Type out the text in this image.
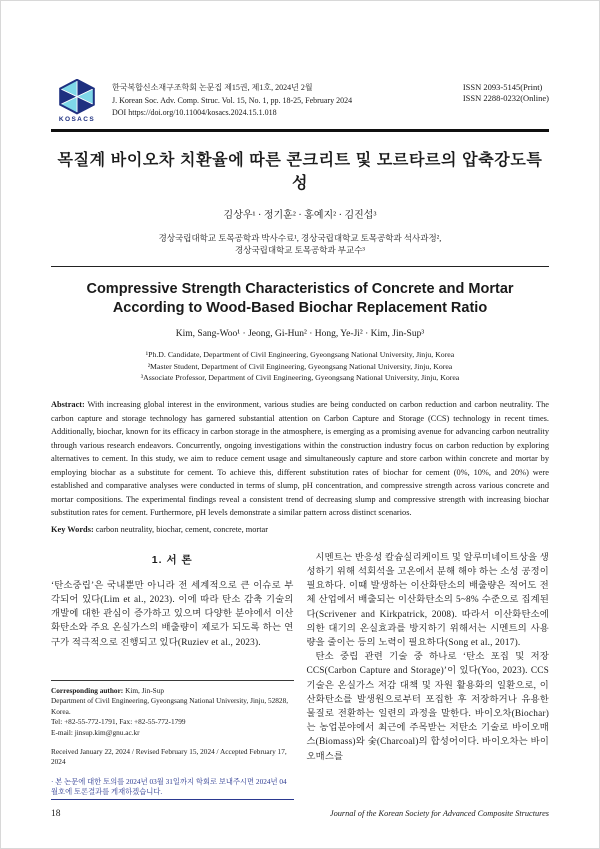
KOSACS
한국복합신소재구조학회 논문집 제15권, 제1호, 2024년 2월
J. Korean Soc. Adv. Comp. Struc. Vol. 15, No. 1, pp. 18-25, February 2024
DOI https://doi.org/10.11004/kosacs.2024.15.1.018
ISSN 2093-5145(Print)
ISSN 2288-0232(Online)
목질계 바이오차 치환율에 따른 콘크리트 및 모르타르의 압축강도특성
김상우¹ · 정기훈² · 홍예지² · 김진섭³
경상국립대학교 토목공학과 박사수료¹, 경상국립대학교 토목공학과 석사과정²,
경상국립대학교 토목공학과 부교수³
Compressive Strength Characteristics of Concrete and Mortar
According to Wood-Based Biochar Replacement Ratio
Kim, Sang-Woo¹ · Jeong, Gi-Hun² · Hong, Ye-Ji² · Kim, Jin-Sup³
¹Ph.D. Candidate, Department of Civil Engineering, Gyeongsang National University, Jinju, Korea
²Master Student, Department of Civil Engineering, Gyeongsang National University, Jinju, Korea
³Associate Professor, Department of Civil Engineering, Gyeongsang National University, Jinju, Korea

Abstract: With increasing global interest in the environment, various studies are being conducted on carbon reduction and carbon neutrality. The carbon capture and storage technology has garnered substantial attention on Carbon Capture and Storage (CCS) technology in recent times. Additionally, biochar, known for its efficacy in carbon storage in the atmosphere, is emerging as a promising avenue for advancing carbon neutrality through various research endeavors. Concurrently, ongoing investigations within the construction industry focus on carbon reduction by exploring alternatives to cement. In this study, we aim to reduce cement usage and simultaneously capture and store carbon within concrete and mortar by employing biochar as a substitute for cement. To achieve this, different substitution rates of biochar for cement (0%, 10%, and 20%) were established and comparative analyses were conducted in terms of slump, pH concentration, and compressive strength across various concrete and mortar compositions. The experimental findings reveal a consistent trend of decreasing slump and compressive strength with increasing biochar substitution rates for cement. Furthermore, pH levels demonstrate a similar pattern across distinct scenarios.

Key Words: carbon neutrality, biochar, cement, concrete, mortar

1. 서 론

‘탄소중립’은 국내뿐만 아니라 전 세계적으로 큰 이슈로 부각되어 있다(Lim et al., 2023). 이에 따라 탄소 감축 기술의 개발에 대한 관심이 증가하고 있으며 다양한 분야에서 이산화탄소와 주요 온실가스의 배출량이 제로가 되도록 하는 연구가 적극적으로 진행되고 있다(Ruziev et al., 2023).

Corresponding author: Kim, Jin-Sup

Department of Civil Engineering, Gyeongsang National University, Jinju, 52828, Korea.

Tel: +82-55-772-1791, Fax: +82-55-772-1799

E-mail: jinsup.kim@gnu.ac.kr

Received January 22, 2024 / Revised February 15, 2024 / Accepted February 17, 2024

· 본 논문에 대한 토의를 2024년 03월 31일까지 학회로 보내주시면 2024년 04월호에 토론결과를 게재하겠습니다.

시멘트는 반응성 칼슘실리케이트 및 알루미네이트상을 생성하기 위해 석회석을 고온에서 분해 해야 하는 소성 공정이 필요하다. 이때 발생하는 이산화탄소의 배출량은 적어도 전체 산업에서 배출되는 이산화탄소의 5~8% 수준으로 집계된다(Scrivener and Kirkpatrick, 2008). 따라서 이산화탄소에 의한 대기의 온실효과를 방지하기 위해서는 시멘트의 사용량을 줄이는 등의 노력이 필요하다(Song et al., 2017).

탄소 중립 관련 기술 중 하나로 ‘탄소 포집 및 저장 CCS(Carbon Capture and Storage)’이 있다(Yoo, 2023). CCS 기술은 온실가스 저감 대책 및 자원 활용화의 일환으로, 이산화탄소를 발생원으로부터 포집한 후 저장하거나 유용한 물질로 전환하는 일련의 과정을 말한다. 바이오차(Biochar)는 농업분야에서 최근에 주목받는 저탄소 기술로 바이오매스(Biomass)와 숯(Charcoal)의 합성어이다. 바이오차는 바이오매스를

18	Journal of the Korean Society for Advanced Composite Structures
